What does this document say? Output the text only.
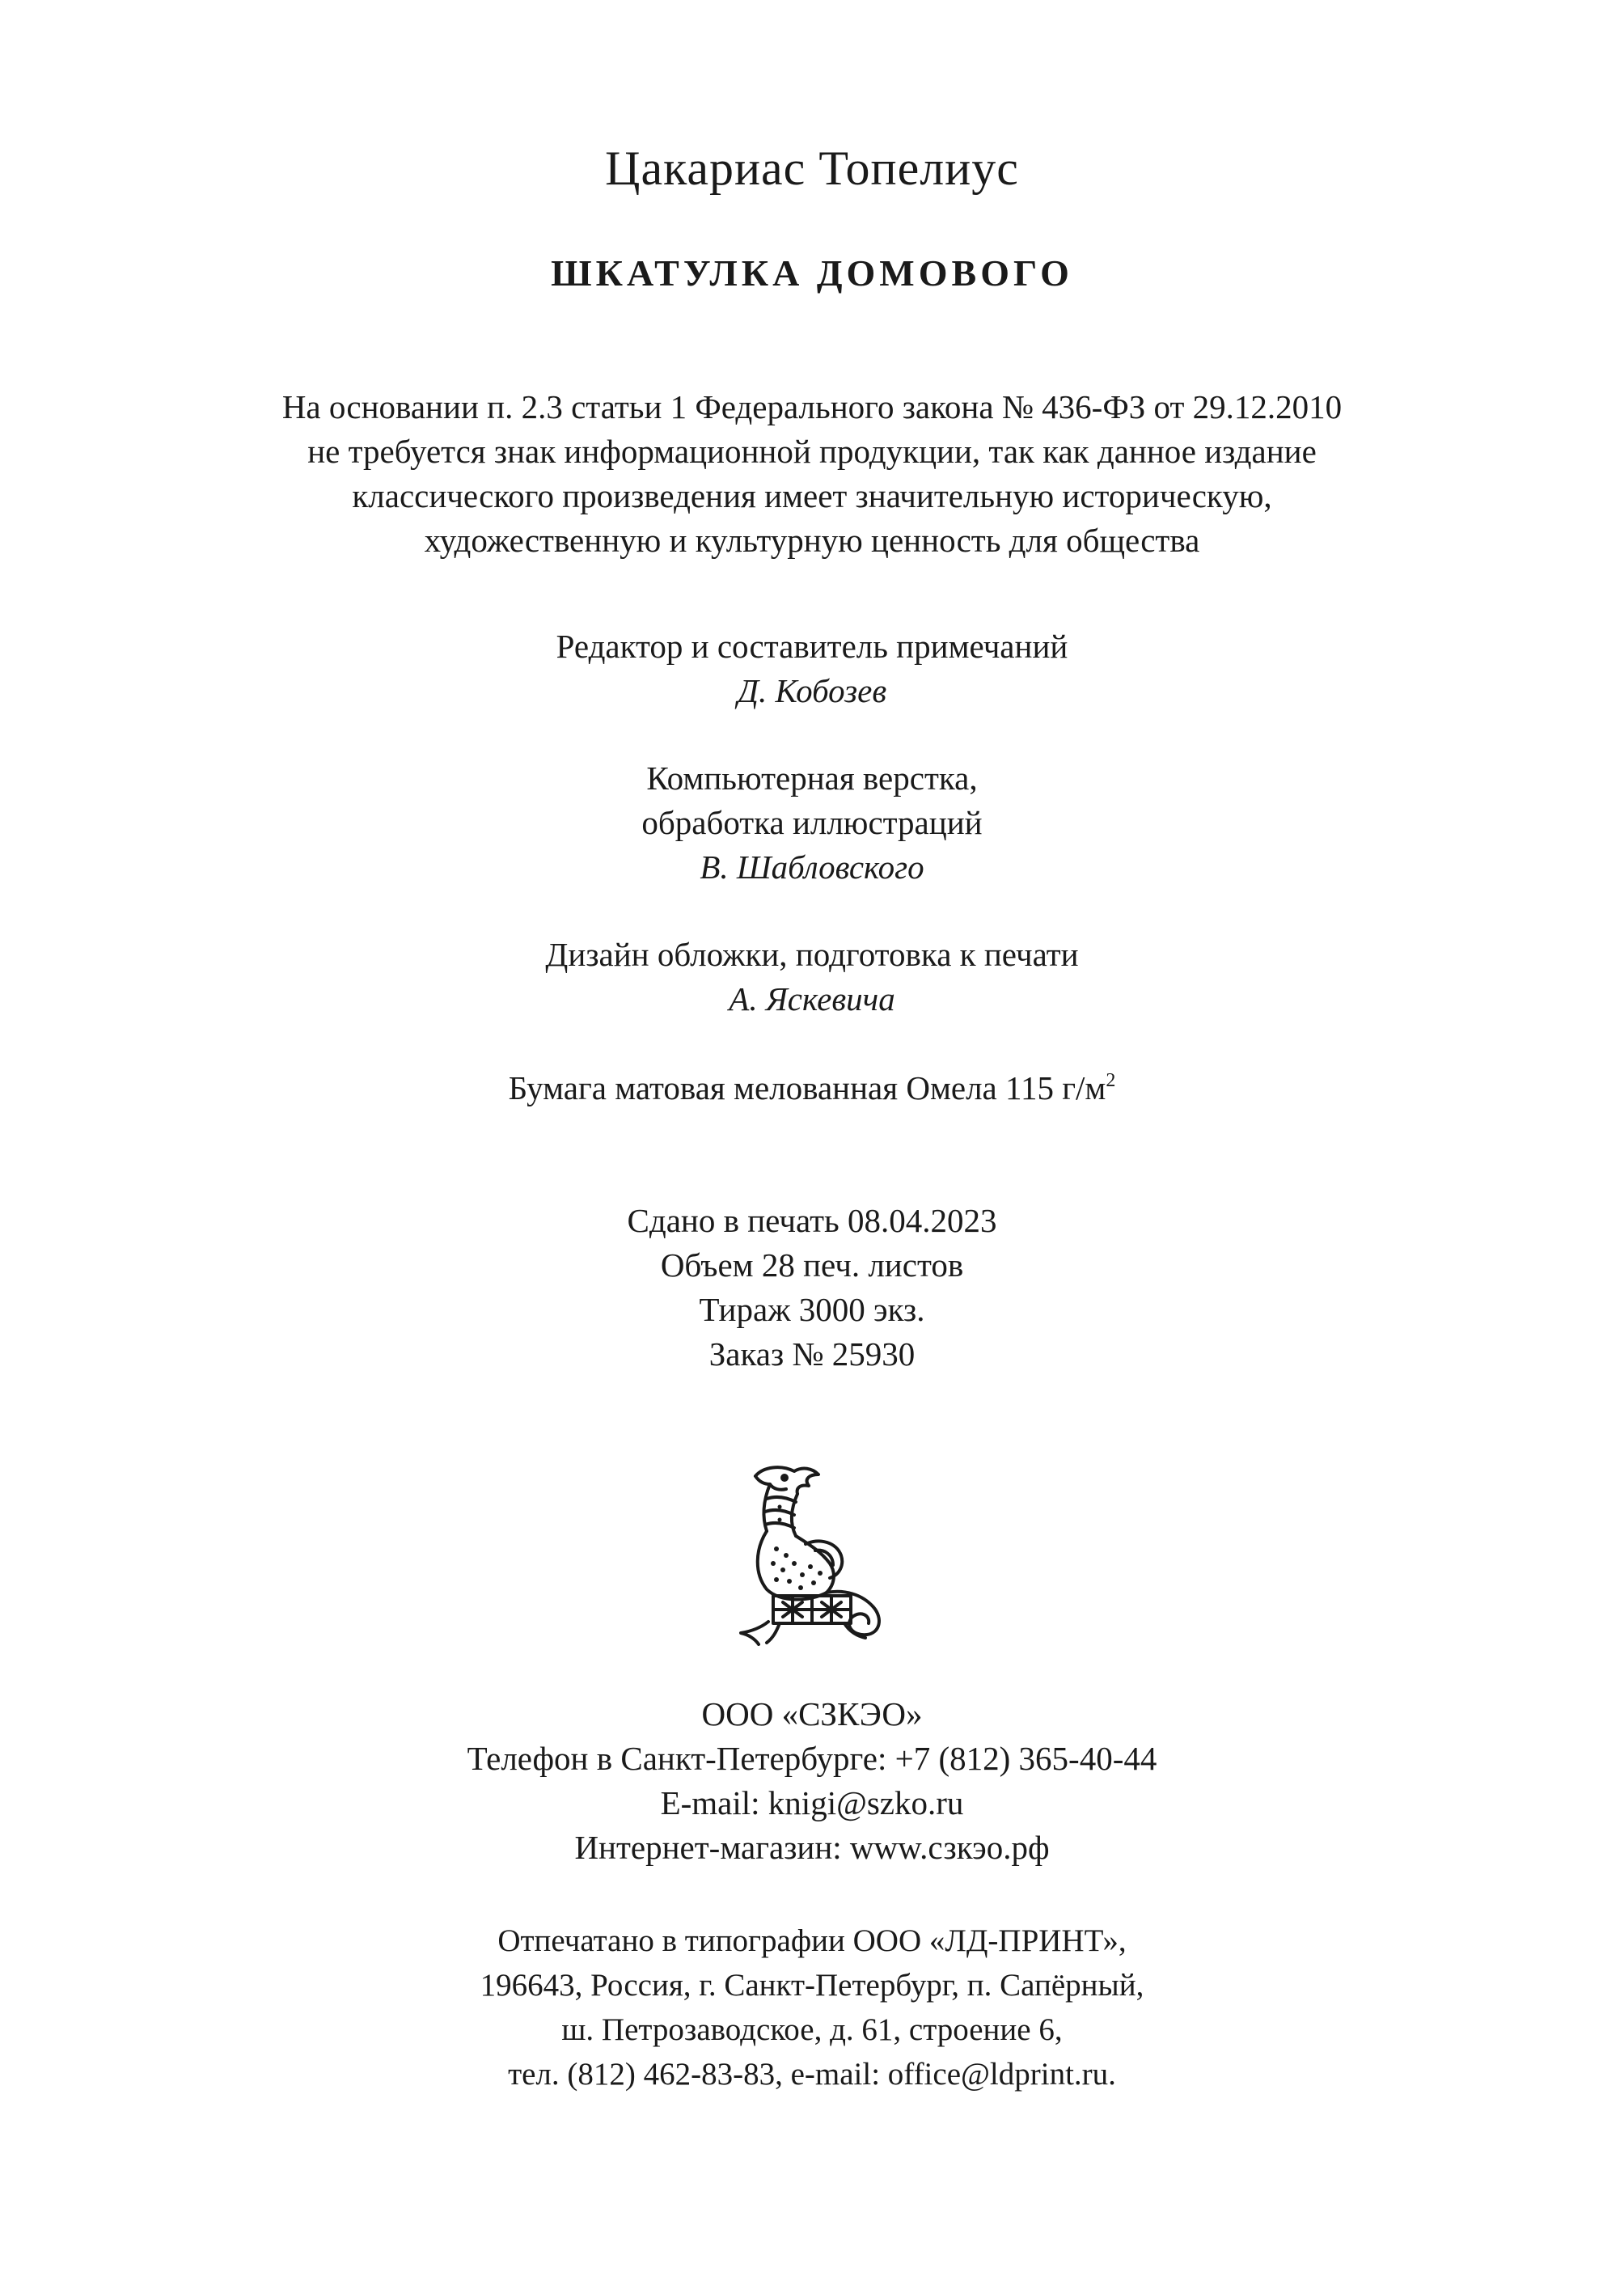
Цакариас Топелиус
ШКАТУЛКА ДОМОВОГО
На основании п. 2.3 статьи 1 Федерального закона № 436-ФЗ от 29.12.2010
не требуется знак информационной продукции, так как данное издание
классического произведения имеет значительную историческую,
художественную и культурную ценность для общества
Редактор и составитель примечаний
Д. Кобозев
Компьютерная верстка,
обработка иллюстраций
В. Шабловского
Дизайн обложки, подготовка к печати
А. Яскевича
Бумага матовая мелованная Омела 115 $г/м^2$
Сдано в печать 08.04.2023
Объем 28 печ. листов
Тираж 3000 экз.
Заказ № 25930
ООО «СЗКЭО»
Телефон в Санкт-Петербурге: +7 (812) 365-40-44
E-mail: knigi@szko.ru
Интернет-магазин: www.сзкэо.рф
Отпечатано в типографии ООО «ЛД-ПРИНТ»,
196643, Россия, г. Санкт-Петербург, п. Сапёрный,
ш. Петрозаводское, д. 61, строение 6,
тел. (812) 462-83-83, e-mail: office@ldprint.ru.
